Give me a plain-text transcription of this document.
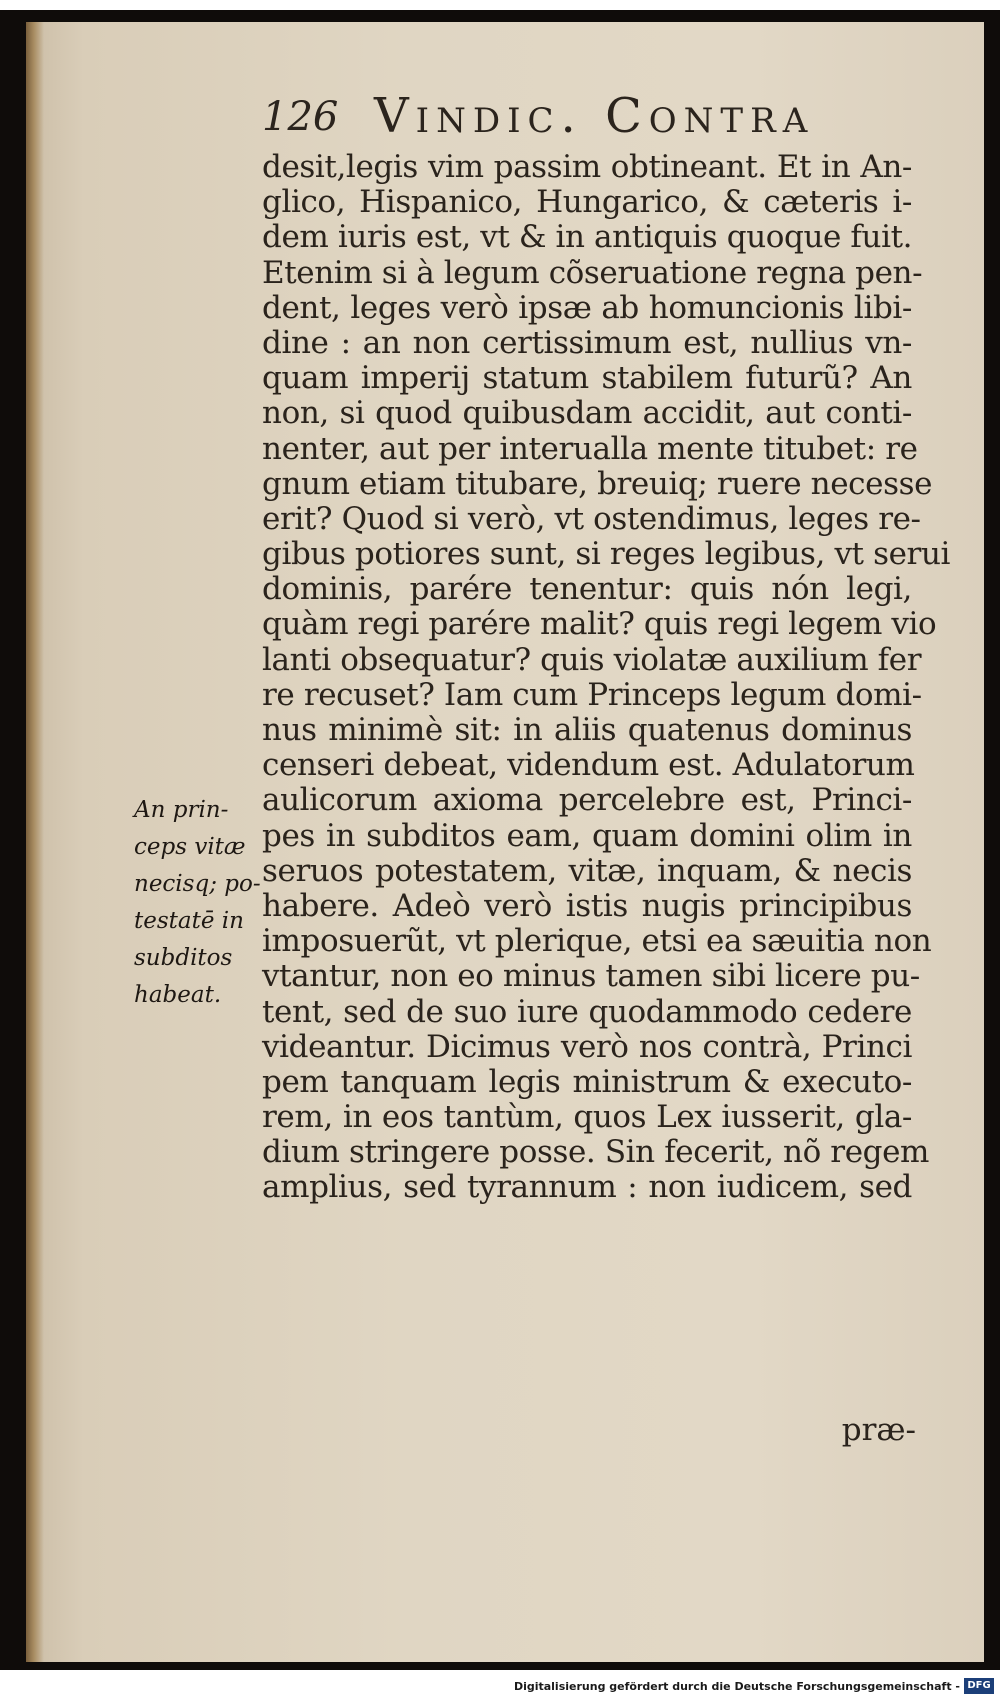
126 Vindic. Contra
desit,legis vim passim obtineant. Et in An-
glico, Hispanico, Hungarico, & cæteris i-
dem iuris est, vt & in antiquis quoque fuit.
Etenim si à legum cõseruatione regna pen-
dent, leges verò ipsæ ab homuncionis libi-
dine : an non certissimum est, nullius vn-
quam imperij statum stabilem futurũ? An
non, si quod quibusdam accidit, aut conti-
nenter, aut per interualla mente titubet: re
gnum etiam titubare, breuiq; ruere necesse
erit? Quod si verò, vt ostendimus, leges re-
gibus potiores sunt, si reges legibus, vt serui
dominis, parére tenentur: quis nón legi,
quàm regi parére malit? quis regi legem vio
lanti obsequatur? quis violatæ auxilium fer
re recuset? Iam cum Princeps legum domi-
nus minimè sit: in aliis quatenus dominus
censeri debeat, videndum est. Adulatorum
aulicorum axioma percelebre est, Princi-
pes in subditos eam, quam domini olim in
seruos potestatem, vitæ, inquam, & necis
habere. Adeò verò istis nugis principibus
imposuerũt, vt plerique, etsi ea sæuitia non
vtantur, non eo minus tamen sibi licere pu-
tent, sed de suo iure quodammodo cedere
videantur. Dicimus verò nos contrà, Princi
pem tanquam legis ministrum & executo-
rem, in eos tantùm, quos Lex iusserit, gla-
dium stringere posse. Sin fecerit, nõ regem
amplius, sed tyrannum : non iudicem, sed
præ-
An prin-
ceps vitæ
necisq; po-
testatē in
subditos
habeat.
Digitalisierung gefördert durch die Deutsche Forschungsgemeinschaft - DFG
